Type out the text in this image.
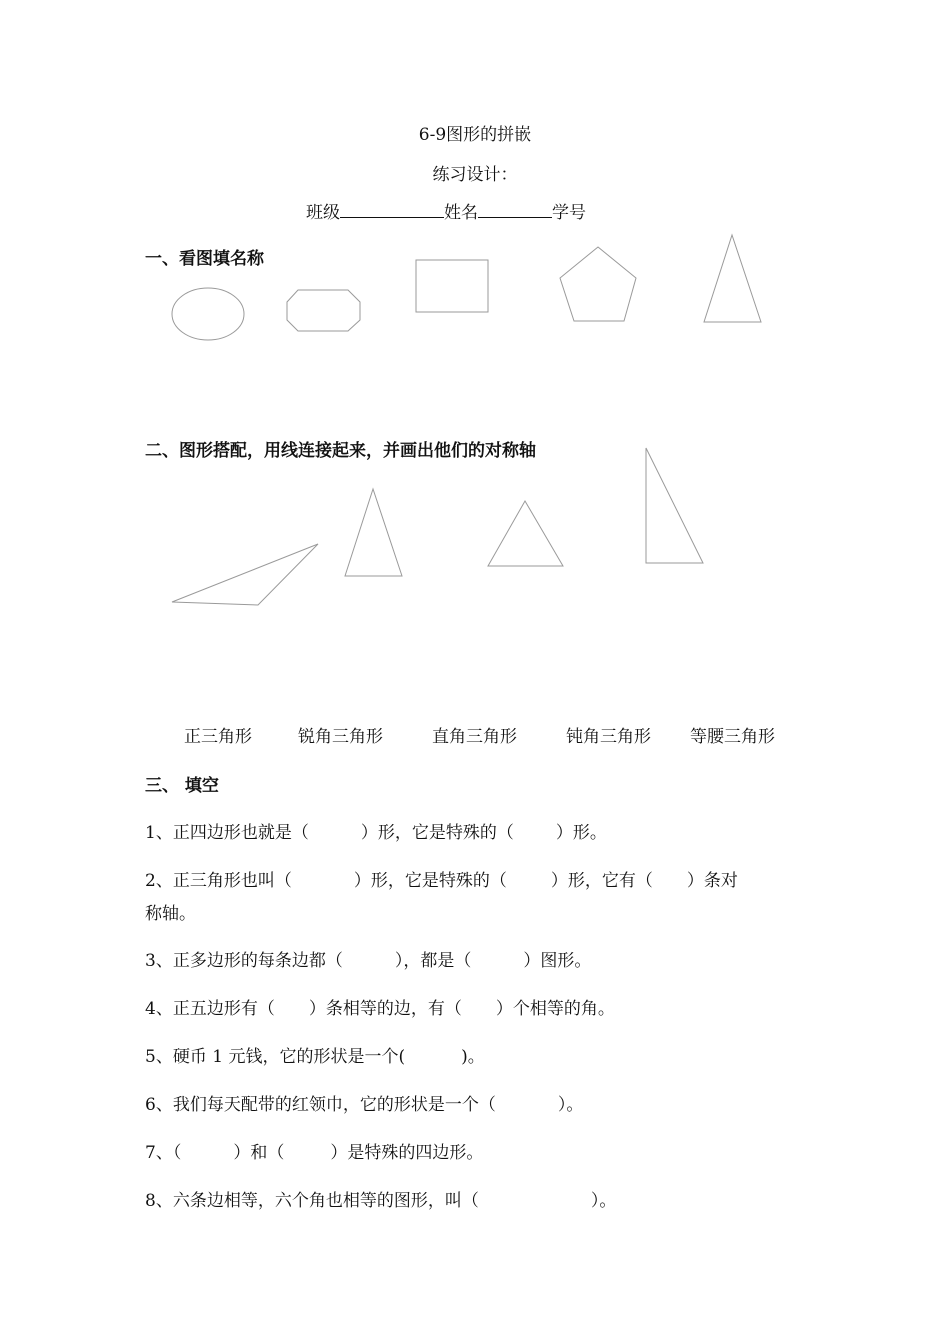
6-9图形的拼嵌
练习设计：
班级	姓名	学号
一、看图填名称
二、图形搭配，用线连接起来，并画出他们的对称轴
正三角形	锐角三角形	直角三角形	钝角三角形 等腰三角形
三、 填空
1、正四边形也就是（	）形，它是特殊的（ ）形。
2、正三角形也叫（	）形，它是特殊的（	）形，它有（ ）条对
称轴。
3、正多边形的每条边都（	），都是（	）图形。
4、正五边形有（ ）条相等的边，有（ ）个相等的角。
5、硬币 1 元钱，它的形状是一个(	)。
6、我们每天配带的红领巾，它的形状是一个（	）。
7、（	）和（	）是特殊的四边形。
8、六条边相等，六个角也相等的图形，叫（	）。
